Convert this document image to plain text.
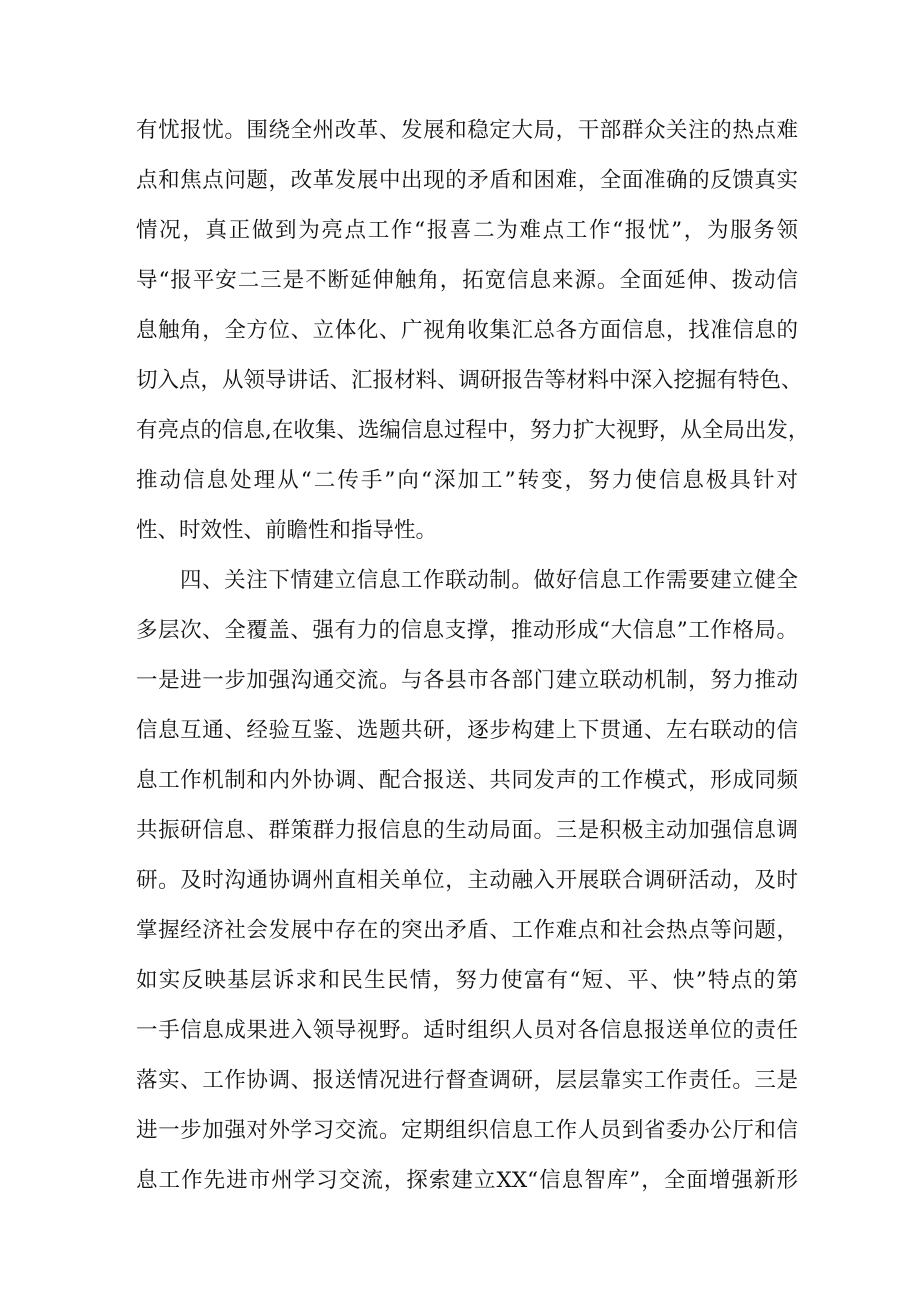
有忧报忧。围绕全州改革、发展和稳定大局，干部群众关注的热点难
点和焦点问题，改革发展中出现的矛盾和困难，全面准确的反馈真实
情况，真正做到为亮点工作“报喜二为难点工作“报忧”，为服务领
导“报平安二三是不断延伸触角，拓宽信息来源。全面延伸、拨动信
息触角，全方位、立体化、广视角收集汇总各方面信息，找准信息的
切入点，从领导讲话、汇报材料、调研报告等材料中深入挖掘有特色、
有亮点的信息,在收集、选编信息过程中，努力扩大视野，从全局出发，
推动信息处理从“二传手”向“深加工”转变，努力使信息极具针对
性、时效性、前瞻性和指导性。
四、关注下情建立信息工作联动制。做好信息工作需要建立健全
多层次、全覆盖、强有力的信息支撑，推动形成“大信息”工作格局。
一是进一步加强沟通交流。与各县市各部门建立联动机制，努力推动
信息互通、经验互鉴、选题共研，逐步构建上下贯通、左右联动的信
息工作机制和内外协调、配合报送、共同发声的工作模式，形成同频
共振研信息、群策群力报信息的生动局面。三是积极主动加强信息调
研。及时沟通协调州直相关单位，主动融入开展联合调研活动，及时
掌握经济社会发展中存在的突出矛盾、工作难点和社会热点等问题，
如实反映基层诉求和民生民情，努力使富有“短、平、快”特点的第
一手信息成果进入领导视野。适时组织人员对各信息报送单位的责任
落实、工作协调、报送情况进行督查调研，层层靠实工作责任。三是
进一步加强对外学习交流。定期组织信息工作人员到省委办公厅和信
息工作先进市州学习交流，探索建立XX“信息智库”，全面增强新形
